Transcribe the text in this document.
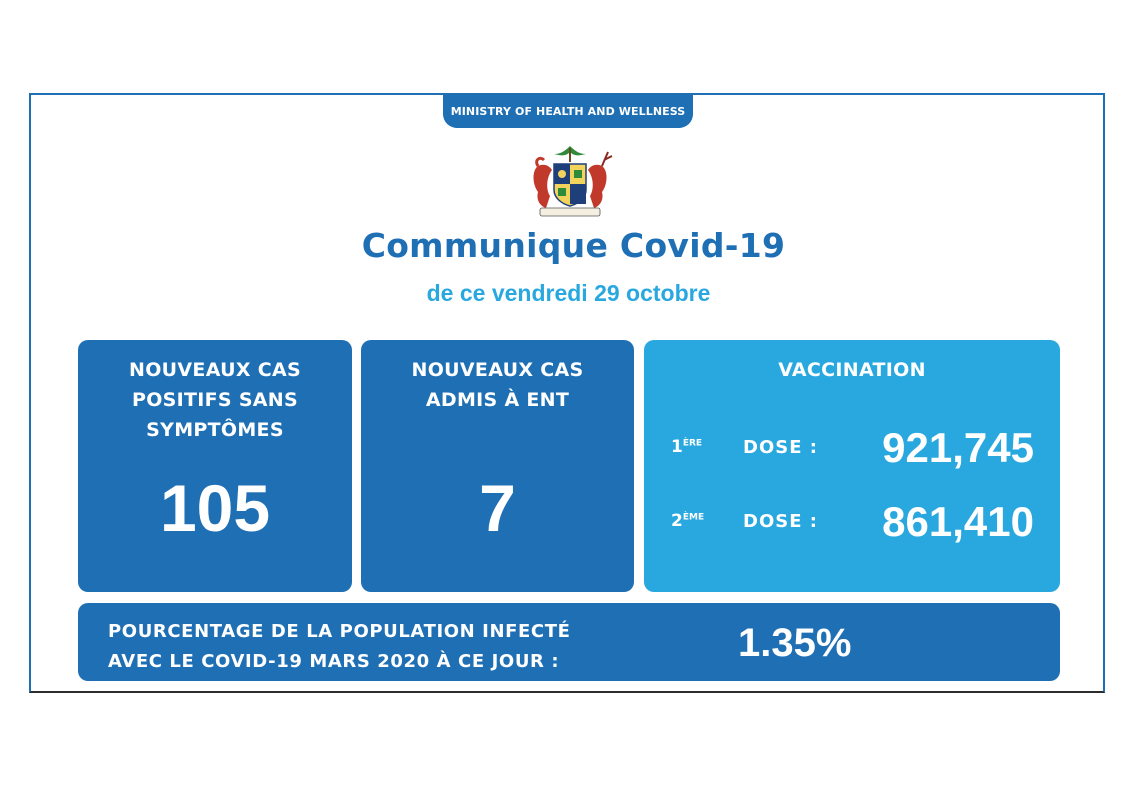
MINISTRY OF HEALTH AND WELLNESS
Communique Covid-19
de ce vendredi 29 octobre
NOUVEAUX CAS
POSITIFS SANS
SYMPTÔMES
105
NOUVEAUX CAS
ADMIS À ENT
7
VACCINATION
1ÈRE DOSE : 921,745
2ÈME DOSE : 861,410
POURCENTAGE DE LA POPULATION INFECTÉ
AVEC LE COVID-19 MARS 2020 À CE JOUR :	1.35%
